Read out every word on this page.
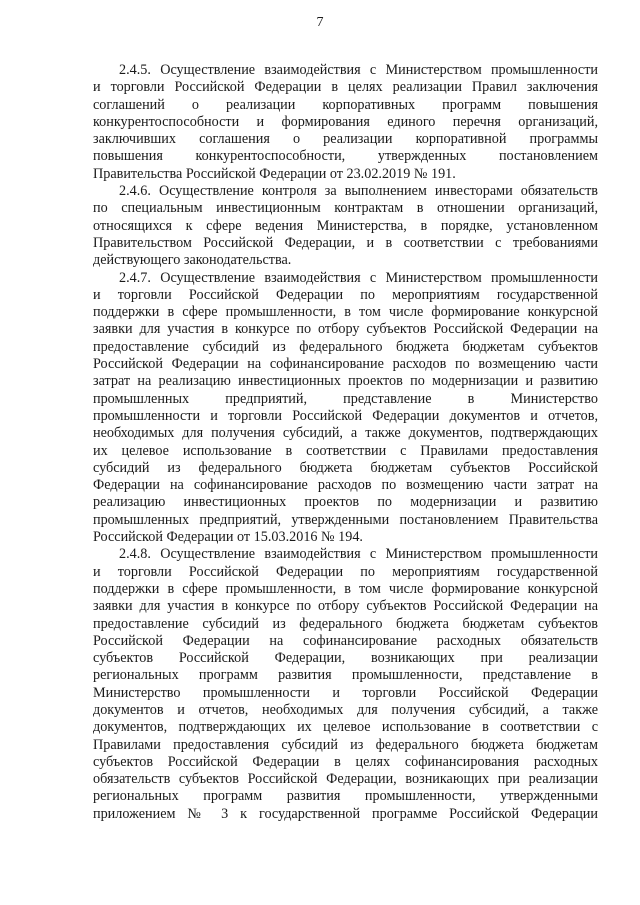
7
2.4.5. Осуществление взаимодействия с Министерством промышленности
и торговли Российской Федерации в целях реализации Правил заключения
соглашений о реализации корпоративных программ повышения
конкурентоспособности и формирования единого перечня организаций,
заключивших соглашения о реализации корпоративной программы
повышения конкурентоспособности, утвержденных постановлением
Правительства Российской Федерации от 23.02.2019 № 191.
2.4.6. Осуществление контроля за выполнением инвесторами обязательств
по специальным инвестиционным контрактам в отношении организаций,
относящихся к сфере ведения Министерства, в порядке, установленном
Правительством Российской Федерации, и в соответствии с требованиями
действующего законодательства.
2.4.7. Осуществление взаимодействия с Министерством промышленности
и торговли Российской Федерации по мероприятиям государственной
поддержки в сфере промышленности, в том числе формирование конкурсной
заявки для участия в конкурсе по отбору субъектов Российской Федерации на
предоставление субсидий из федерального бюджета бюджетам субъектов
Российской Федерации на софинансирование расходов по возмещению части
затрат на реализацию инвестиционных проектов по модернизации и развитию
промышленных предприятий, представление в Министерство
промышленности и торговли Российской Федерации документов и отчетов,
необходимых для получения субсидий, а также документов, подтверждающих
их целевое использование в соответствии с Правилами предоставления
субсидий из федерального бюджета бюджетам субъектов Российской
Федерации на софинансирование расходов по возмещению части затрат на
реализацию инвестиционных проектов по модернизации и развитию
промышленных предприятий, утвержденными постановлением Правительства
Российской Федерации от 15.03.2016 № 194.
2.4.8. Осуществление взаимодействия с Министерством промышленности
и торговли Российской Федерации по мероприятиям государственной
поддержки в сфере промышленности, в том числе формирование конкурсной
заявки для участия в конкурсе по отбору субъектов Российской Федерации на
предоставление субсидий из федерального бюджета бюджетам субъектов
Российской Федерации на софинансирование расходных обязательств
субъектов Российской Федерации, возникающих при реализации
региональных программ развития промышленности, представление в
Министерство промышленности и торговли Российской Федерации
документов и отчетов, необходимых для получения субсидий, а также
документов, подтверждающих их целевое использование в соответствии с
Правилами предоставления субсидий из федерального бюджета бюджетам
субъектов Российской Федерации в целях софинансирования расходных
обязательств субъектов Российской Федерации, возникающих при реализации
региональных программ развития промышленности, утвержденными
приложением № 3 к государственной программе Российской Федерации
